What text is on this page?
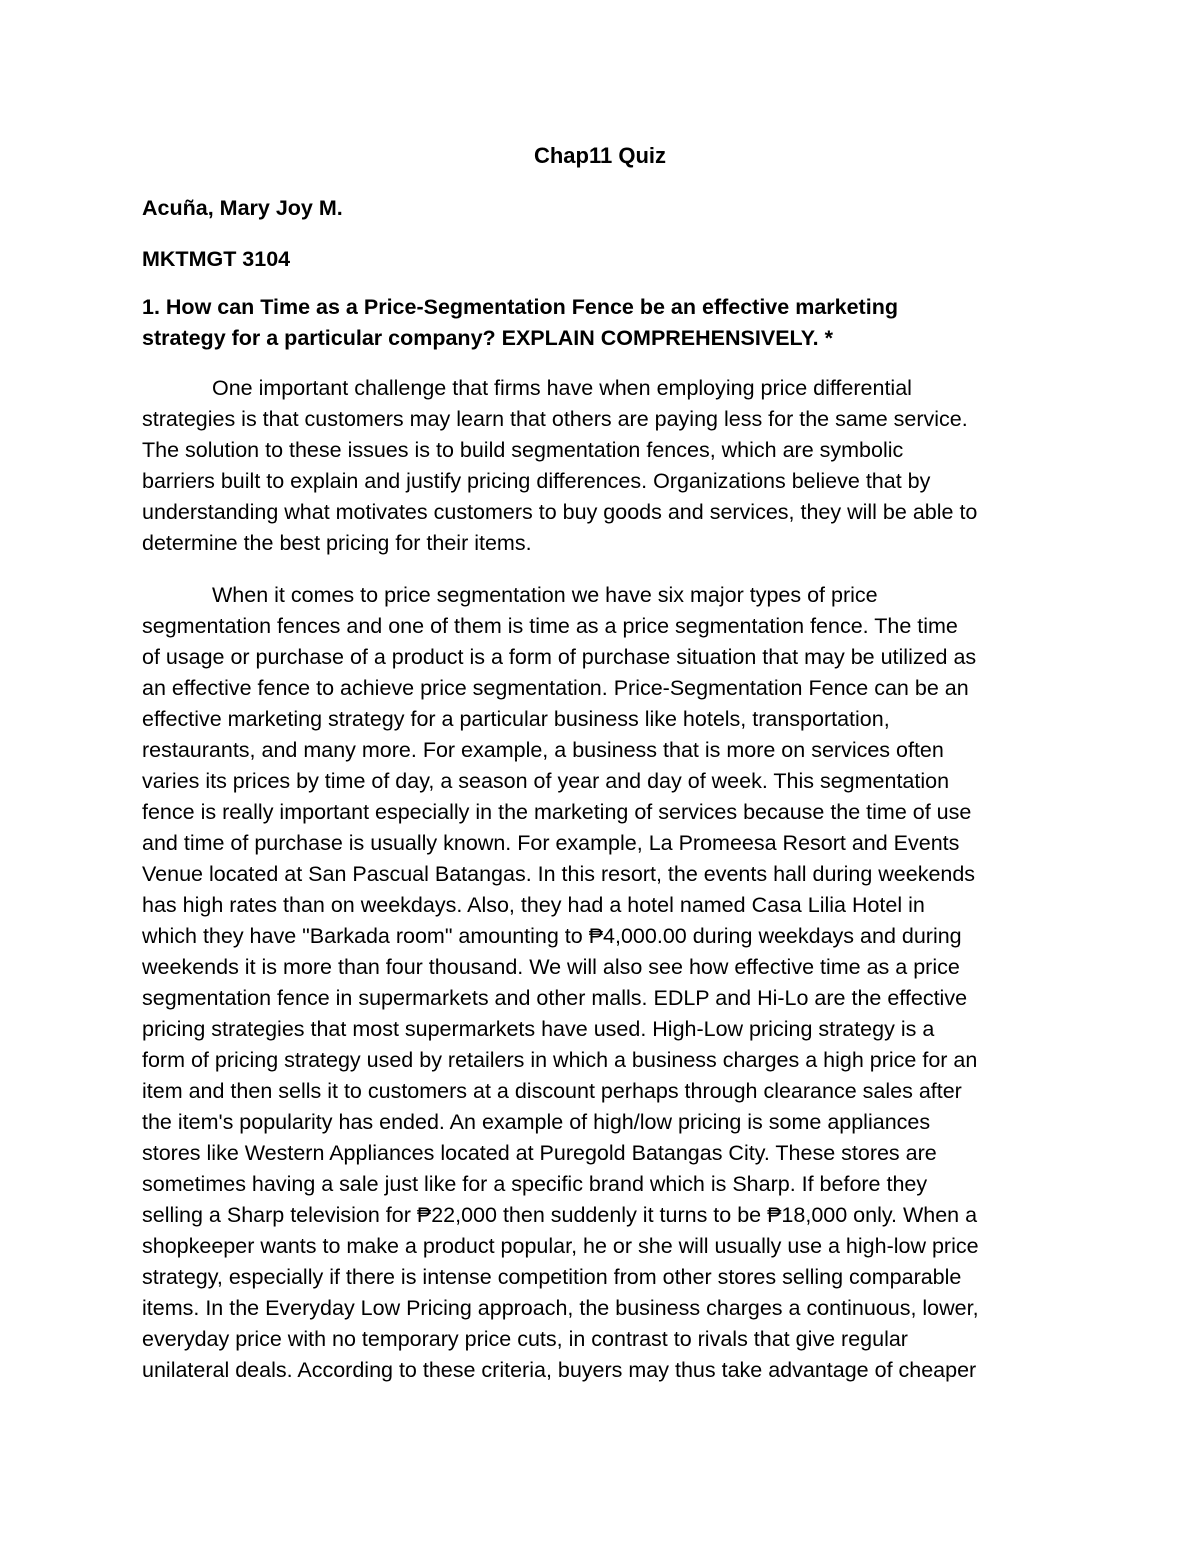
Chap11 Quiz
Acuña, Mary Joy M.
MKTMGT 3104
1. How can Time as a Price-Segmentation Fence be an effective marketing
strategy for a particular company? EXPLAIN COMPREHENSIVELY. *
One important challenge that firms have when employing price differential
strategies is that customers may learn that others are paying less for the same service.
The solution to these issues is to build segmentation fences, which are symbolic
barriers built to explain and justify pricing differences. Organizations believe that by
understanding what motivates customers to buy goods and services, they will be able to
determine the best pricing for their items.
When it comes to price segmentation we have six major types of price
segmentation fences and one of them is time as a price segmentation fence. The time
of usage or purchase of a product is a form of purchase situation that may be utilized as
an effective fence to achieve price segmentation. Price-Segmentation Fence can be an
effective marketing strategy for a particular business like hotels, transportation,
restaurants, and many more. For example, a business that is more on services often
varies its prices by time of day, a season of year and day of week. This segmentation
fence is really important especially in the marketing of services because the time of use
and time of purchase is usually known. For example, La Promeesa Resort and Events
Venue located at San Pascual Batangas. In this resort, the events hall during weekends
has high rates than on weekdays. Also, they had a hotel named Casa Lilia Hotel in
which they have "Barkada room" amounting to ₱4,000.00 during weekdays and during
weekends it is more than four thousand. We will also see how effective time as a price
segmentation fence in supermarkets and other malls. EDLP and Hi-Lo are the effective
pricing strategies that most supermarkets have used. High-Low pricing strategy is a
form of pricing strategy used by retailers in which a business charges a high price for an
item and then sells it to customers at a discount perhaps through clearance sales after
the item's popularity has ended. An example of high/low pricing is some appliances
stores like Western Appliances located at Puregold Batangas City. These stores are
sometimes having a sale just like for a specific brand which is Sharp. If before they
selling a Sharp television for ₱22,000 then suddenly it turns to be ₱18,000 only. When a
shopkeeper wants to make a product popular, he or she will usually use a high-low price
strategy, especially if there is intense competition from other stores selling comparable
items. In the Everyday Low Pricing approach, the business charges a continuous, lower,
everyday price with no temporary price cuts, in contrast to rivals that give regular
unilateral deals. According to these criteria, buyers may thus take advantage of cheaper
